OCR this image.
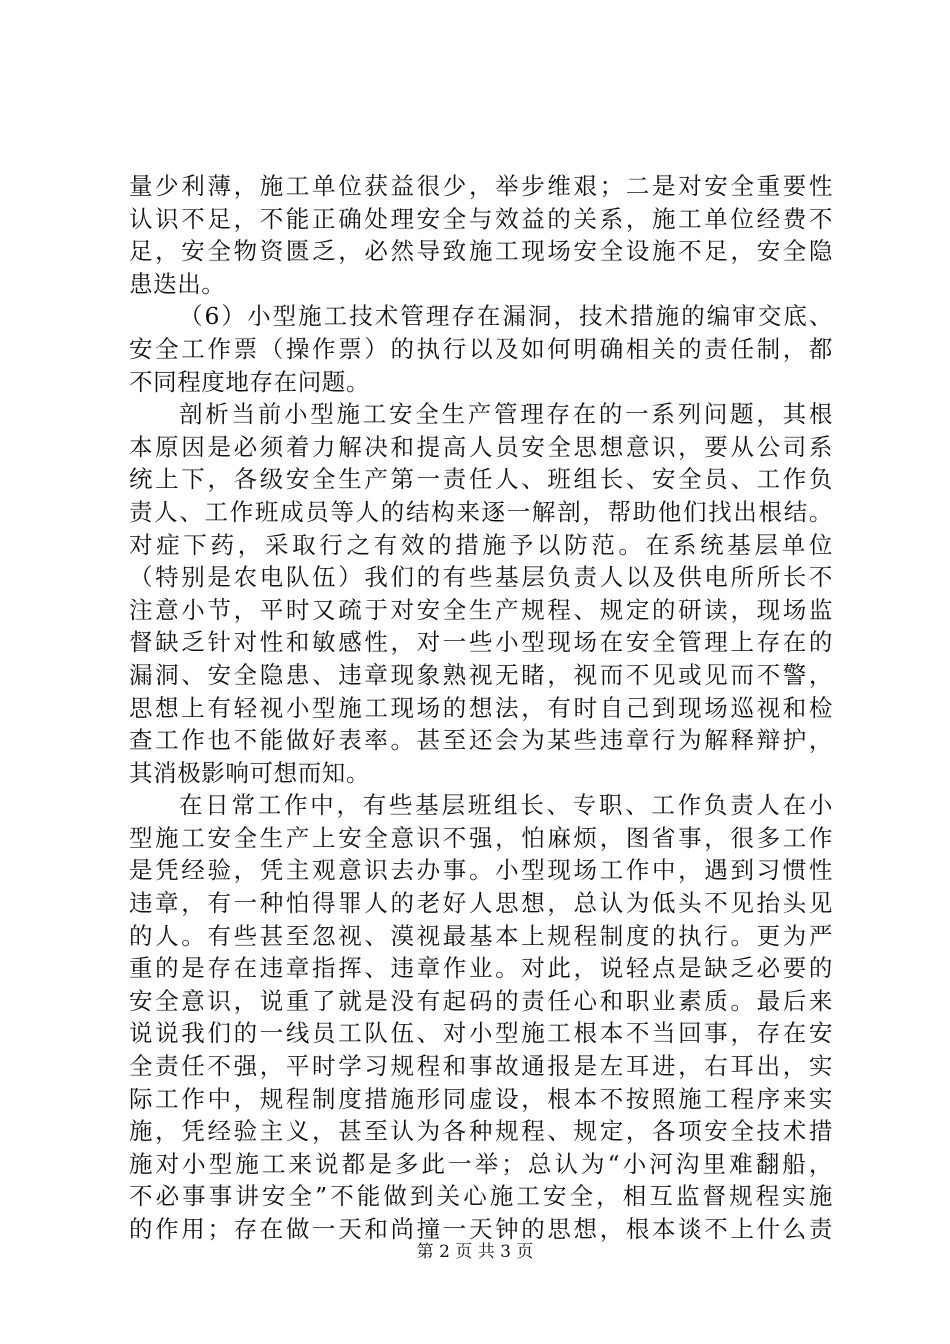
量少利薄，施工单位获益很少，举步维艰；二是对安全重要性
认识不足，不能正确处理安全与效益的关系，施工单位经费不
足，安全物资匮乏，必然导致施工现场安全设施不足，安全隐
患迭出。
（6）小型施工技术管理存在漏洞，技术措施的编审交底、
安全工作票（操作票）的执行以及如何明确相关的责任制，都
不同程度地存在问题。
剖析当前小型施工安全生产管理存在的一系列问题，其根
本原因是必须着力解决和提高人员安全思想意识，要从公司系
统上下，各级安全生产第一责任人、班组长、安全员、工作负
责人、工作班成员等人的结构来逐一解剖，帮助他们找出根结。
对症下药，采取行之有效的措施予以防范。在系统基层单位
（特别是农电队伍）我们的有些基层负责人以及供电所所长不
注意小节，平时又疏于对安全生产规程、规定的研读，现场监
督缺乏针对性和敏感性，对一些小型现场在安全管理上存在的
漏洞、安全隐患、违章现象熟视无睹，视而不见或见而不警，
思想上有轻视小型施工现场的想法，有时自己到现场巡视和检
查工作也不能做好表率。甚至还会为某些违章行为解释辩护，
其消极影响可想而知。
在日常工作中，有些基层班组长、专职、工作负责人在小
型施工安全生产上安全意识不强，怕麻烦，图省事，很多工作
是凭经验，凭主观意识去办事。小型现场工作中，遇到习惯性
违章，有一种怕得罪人的老好人思想，总认为低头不见抬头见
的人。有些甚至忽视、漠视最基本上规程制度的执行。更为严
重的是存在违章指挥、违章作业。对此，说轻点是缺乏必要的
安全意识，说重了就是没有起码的责任心和职业素质。最后来
说说我们的一线员工队伍、对小型施工根本不当回事，存在安
全责任不强，平时学习规程和事故通报是左耳进，右耳出，实
际工作中，规程制度措施形同虚设，根本不按照施工程序来实
施，凭经验主义，甚至认为各种规程、规定，各项安全技术措
施对小型施工来说都是多此一举；总认为“小河沟里难翻船，
不必事事讲安全”不能做到关心施工安全，相互监督规程实施
的作用；存在做一天和尚撞一天钟的思想，根本谈不上什么责
第 2 页 共 3 页
